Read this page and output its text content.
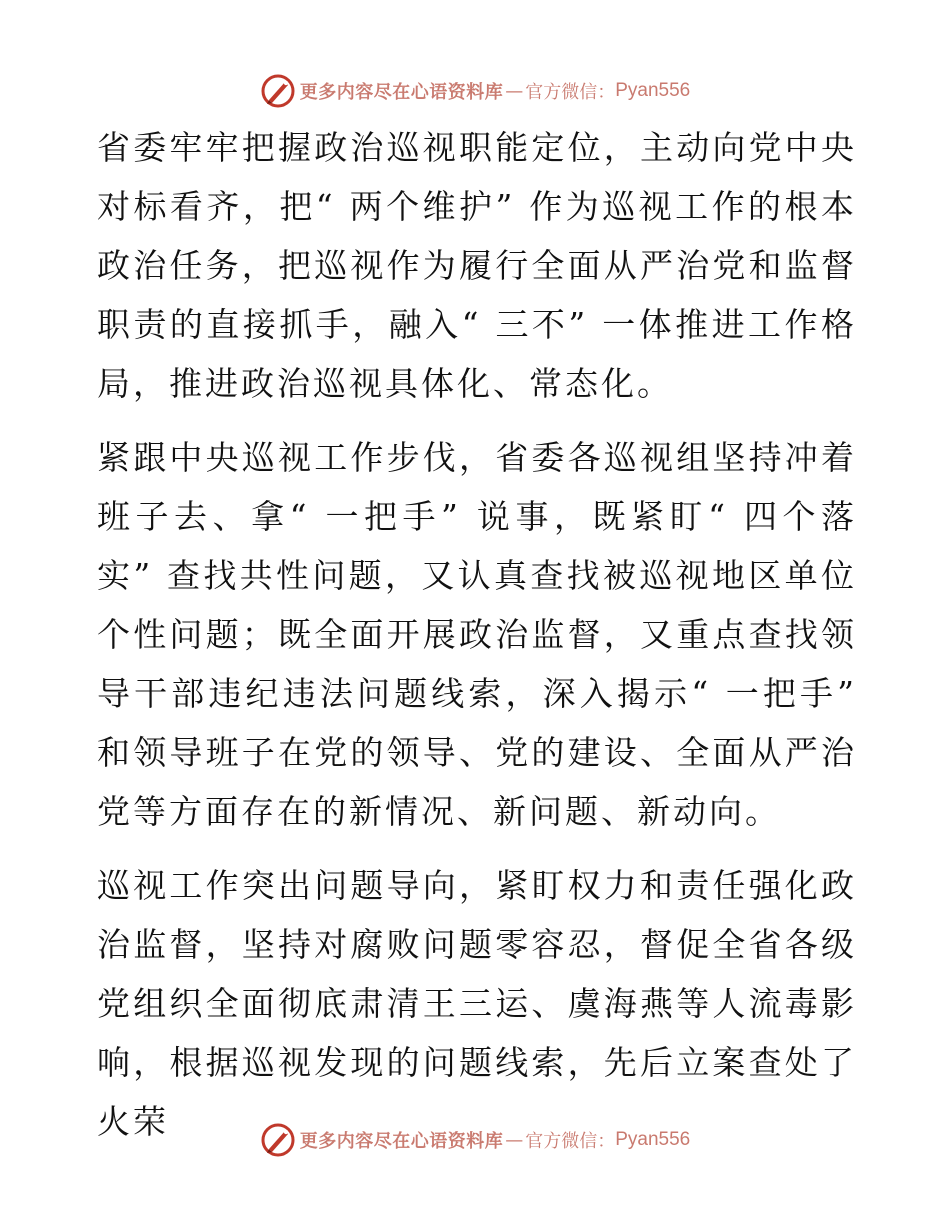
更多内容尽在心语资料库 — 官方微信： Pyan556

省委牢牢把握政治巡视职能定位，主动向党中央对标看齐，把“ 两个维护” 作为巡视工作的根本政治任务，把巡视作为履行全面从严治党和监督职责的直接抓手，融入“ 三不” 一体推进工作格局，推进政治巡视具体化、常态化。

紧跟中央巡视工作步伐，省委各巡视组坚持冲着班子去、拿“ 一把手” 说事，既紧盯“ 四个落实” 查找共性问题，又认真查找被巡视地区单位个性问题；既全面开展政治监督，又重点查找领导干部违纪违法问题线索，深入揭示“ 一把手” 和领导班子在党的领导、党的建设、全面从严治党等方面存在的新情况、新问题、新动向。

巡视工作突出问题导向，紧盯权力和责任强化政治监督，坚持对腐败问题零容忍，督促全省各级党组织全面彻底肃清王三运、虞海燕等人流毒影响，根据巡视发现的问题线索，先后立案查处了火荣

更多内容尽在心语资料库 — 官方微信： Pyan556
